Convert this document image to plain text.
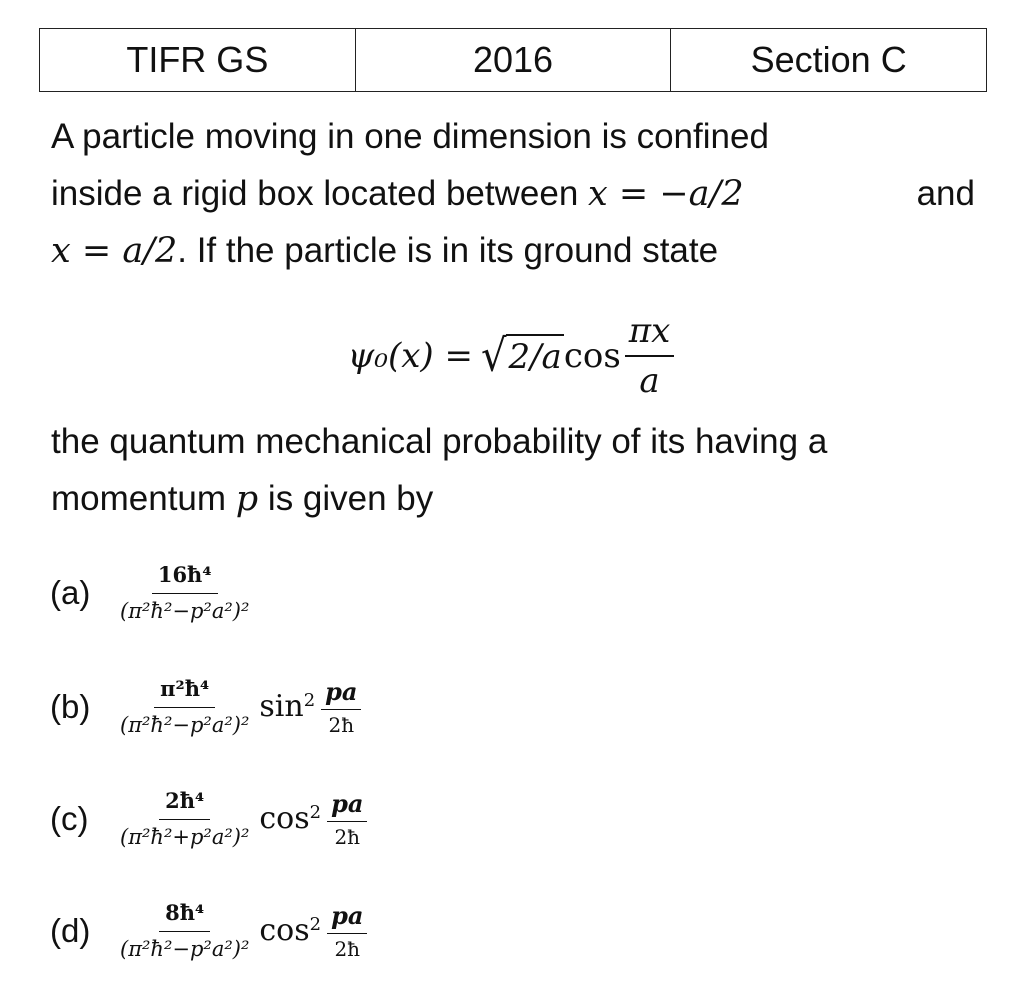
TIFR GS	2016	Section C

A particle moving in one dimension is confined

inside a rigid box located between x = −a/2	and

x = a/2. If the particle is in its ground state

ψ₀(x) = √ 2/a $\cos \frac{\pi x}{a}$

the quantum mechanical probability of its having a

momentum p is given by

(a)	$\frac{\text{16ħ⁴}}{\text{(π²ħ²−p²a²)²}}$
(b)	$\frac{\text{π²ħ⁴}}{\text{(π²ħ²−p²a²)²}} \sin^2 \frac{pa}{2ħ}$
(c)	$\frac{\text{2ħ⁴}}{\text{(π²ħ²+p²a²)²}} \cos^2 \frac{pa}{2ħ}$
(d)	$\frac{\text{8ħ⁴}}{\text{(π²ħ²−p²a²)²}} \cos^2 \frac{pa}{2ħ}$
